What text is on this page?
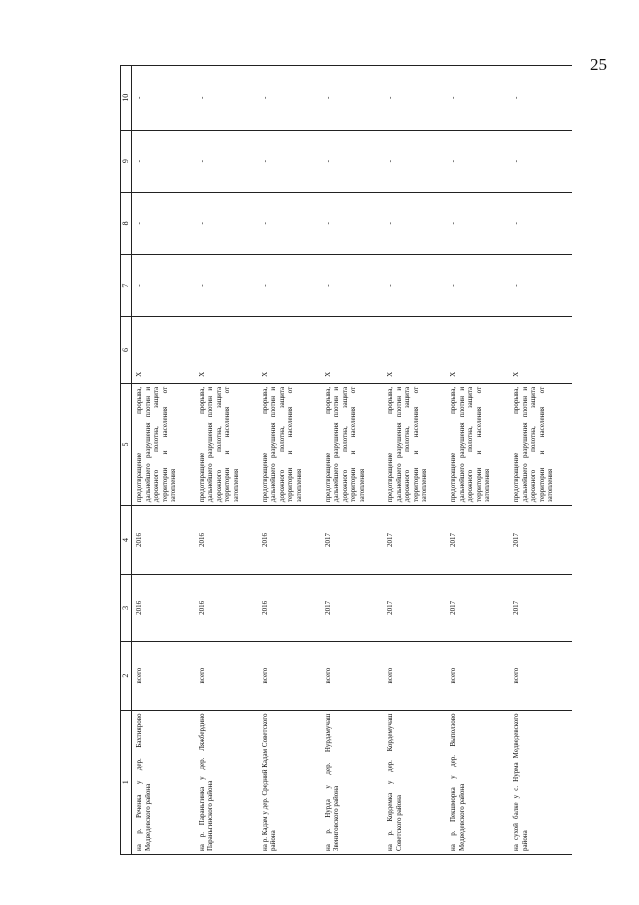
25
1	2	3	4	5	6	7	8	9	10
на р. Реченка у дер. Бахтиярово Медведевского района	всего	2016	2016	предотвращение прорыва, дальнейшего разрушения плотин и дорожного полотна, защита территории и населения от затопления	X	-	-	-	-
на р. Параньгинка у дер. Ляжбердино Параньгинского района	всего	2016	2016	предотвращение прорыва, дальнейшего разрушения плотин и дорожного полотна, защита территории и населения от затопления	X	-	-	-	-
на р. Кадам у дер. Средний Кадам Советского района	всего	2016	2016	предотвращение прорыва, дальнейшего разрушения плотин и дорожного полотна, защита территории и населения от затопления	X	-	-	-	-
на р. Нурда у дер. Нурдамучаш Звениговского района	всего	2017	2017	предотвращение прорыва, дальнейшего разрушения плотин и дорожного полотна, защита территории и населения от затопления	X	-	-	-	-
на р. Кордемка у дер. Кордемучаш Советского района	всего	2017	2017	предотвращение прорыва, дальнейшего разрушения плотин и дорожного полотна, защита территории и населения от затопления	X	-	-	-	-
на р. Пекшморка у дер. Выползово Медведевского района	всего	2017	2017	предотвращение прорыва, дальнейшего разрушения плотин и дорожного полотна, защита территории и населения от затопления	X	-	-	-	-
на сухой балке у с. Нурма Медведевского района	всего	2017	2017	предотвращение прорыва, дальнейшего разрушения плотин и дорожного полотна, защита территории и населения от затопления	X	-	-	-	-
